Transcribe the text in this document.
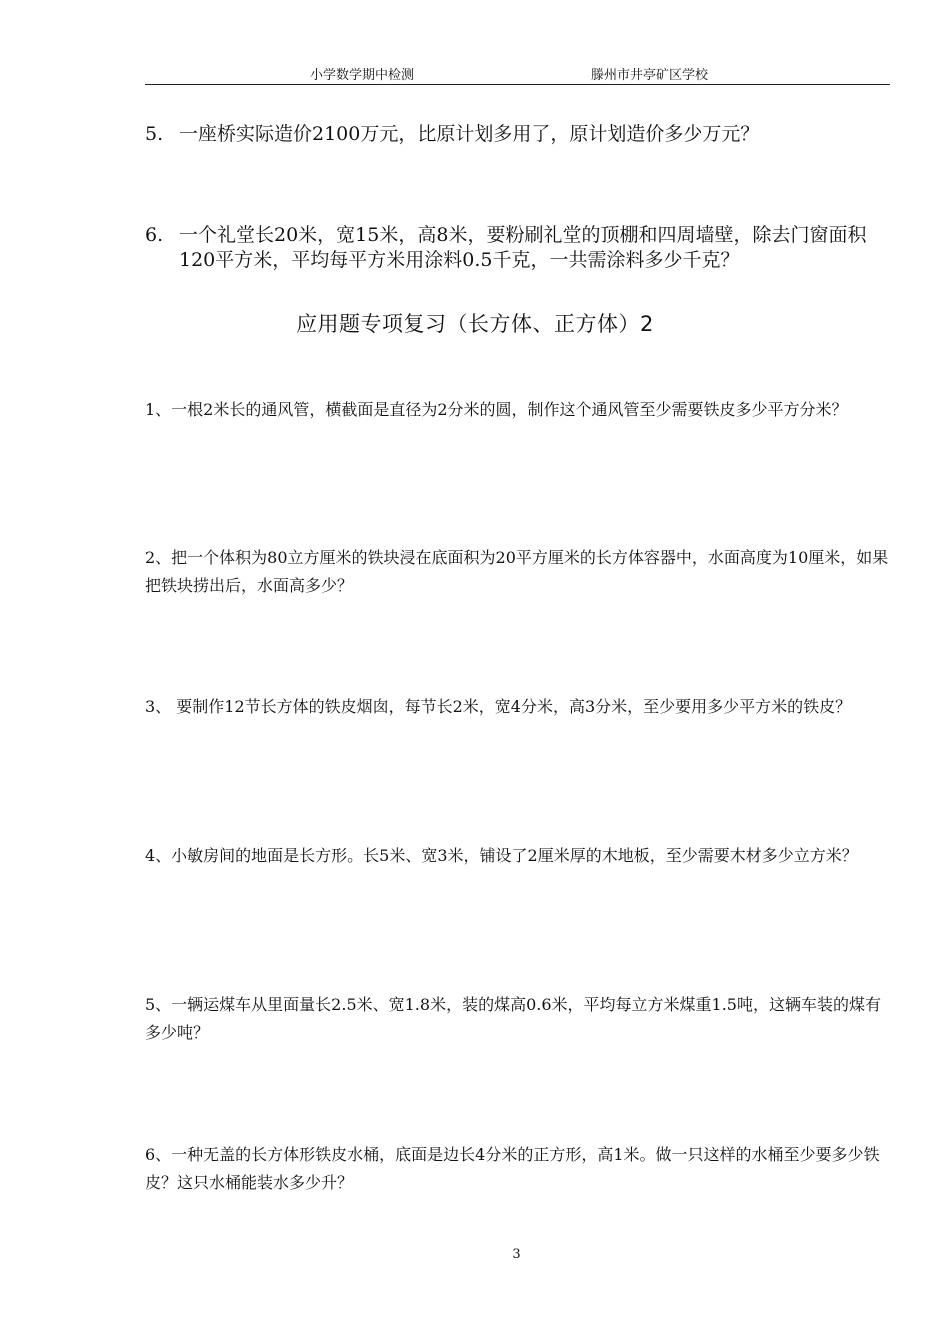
小学数学期中检测	滕州市井亭矿区学校
5. 一座桥实际造价2100万元，比原计划多用了，原计划造价多少万元？
6. 一个礼堂长20米，宽15米，高8米，要粉刷礼堂的顶棚和四周墙壁，除去门窗面积120平方米，平均每平方米用涂料0.5千克，一共需涂料多少千克？
应用题专项复习（长方体、正方体）2
1、一根2米长的通风管，横截面是直径为2分米的圆，制作这个通风管至少需要铁皮多少平方分米？
2、把一个体积为80立方厘米的铁块浸在底面积为20平方厘米的长方体容器中，水面高度为10厘米，如果把铁块捞出后，水面高多少？
3、 要制作12节长方体的铁皮烟囱，每节长2米，宽4分米，高3分米，至少要用多少平方米的铁皮？
4、小敏房间的地面是长方形。长5米、宽3米，铺设了2厘米厚的木地板，至少需要木材多少立方米？
5、一辆运煤车从里面量长2.5米、宽1.8米，装的煤高0.6米，平均每立方米煤重1.5吨，这辆车装的煤有多少吨？
6、一种无盖的长方体形铁皮水桶，底面是边长4分米的正方形，高1米。做一只这样的水桶至少要多少铁皮？这只水桶能装水多少升？
3
